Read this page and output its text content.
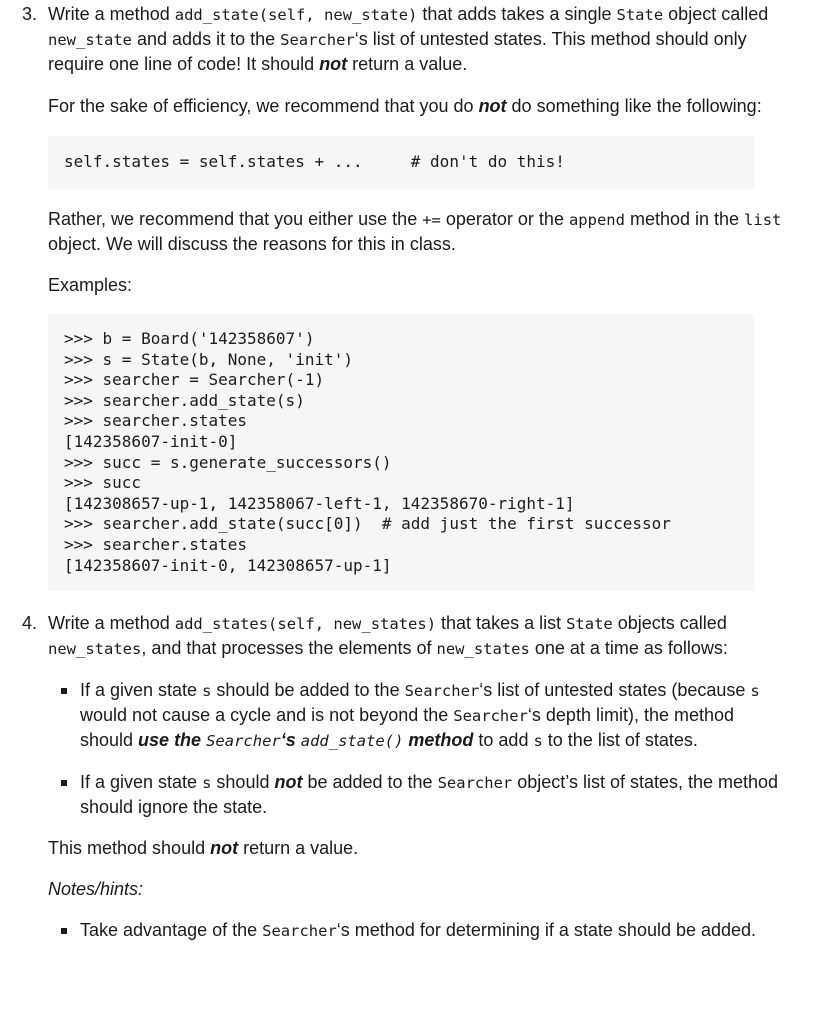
3. Write a method add_state(self, new_state) that adds takes a single State object called new_state and adds it to the Searcher‘s list of untested states. This method should only require one line of code! It should not return a value.

For the sake of efficiency, we recommend that you do not do something like the following:

self.states = self.states + ...     # don't do this!

Rather, we recommend that you either use the += operator or the append method in the list object. We will discuss the reasons for this in class.

Examples:
>>> b = Board('142358607')
>>> s = State(b, None, 'init')
>>> searcher = Searcher(-1)
>>> searcher.add_state(s)
>>> searcher.states
[142358607-init-0]
>>> succ = s.generate_successors()
>>> succ
[142308657-up-1, 142358067-left-1, 142358670-right-1]
>>> searcher.add_state(succ[0])  # add just the first successor
>>> searcher.states
[142358607-init-0, 142308657-up-1]
4. Write a method add_states(self, new_states) that takes a list State objects called new_states, and that processes the elements of new_states one at a time as follows:

If a given state s should be added to the Searcher‘s list of untested states (because s would not cause a cycle and is not beyond the Searcher‘s depth limit), the method should use the Searcher‘s add_state() method to add s to the list of states.
If a given state s should not be added to the Searcher object’s list of states, the method should ignore the state.

This method should not return a value.

Notes/hints:
Take advantage of the Searcher‘s method for determining if a state should be added.
